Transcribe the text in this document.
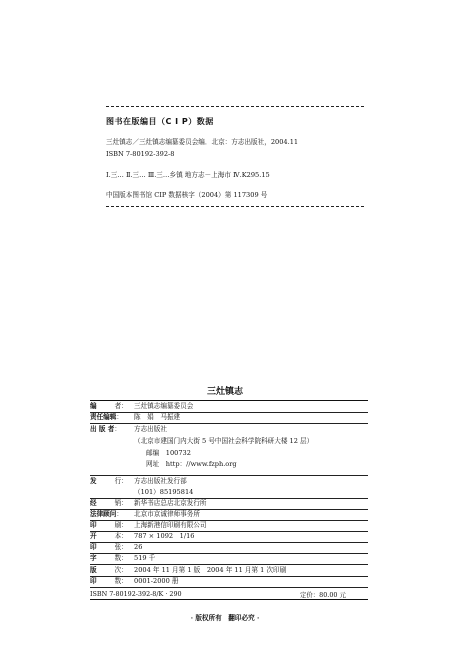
图书在版编目（C I P）数据
三灶镇志／三灶镇志编纂委员会编．北京：方志出版社，2004.11
ISBN 7-80192-392-8
Ⅰ.三… Ⅱ.三… Ⅲ.三…乡镇 地方志－上海市 Ⅳ.K295.15
中国版本图书馆 CIP 数据核字（2004）第 117309 号
三灶镇志
编	者： 三灶镇志编纂委员会
责任编辑：	陈　娟　马振建
出 版 者：	方志出版社
（北京市建国门内大街 5 号中国社会科学院科研大楼 12 层）
邮编　100732
网址　http：//www.fzph.org
发	行： 方志出版社发行部
（101）85195814
经	销： 新华书店总店北京发行所
法律顾问：	北京市京诚律师事务所
印	刷： 上海新港信印刷有限公司
开	本： 787 × 1092　1/16
印	张： 26
字	数： 519 千
版	次： 2004 年 11 月第 1 版　2004 年 11 月第 1 次印刷
印	数： 0001-2000 册
ISBN 7-80192-392-8/K · 290	定价：80.00 元
· 版权所有　翻印必究 ·
